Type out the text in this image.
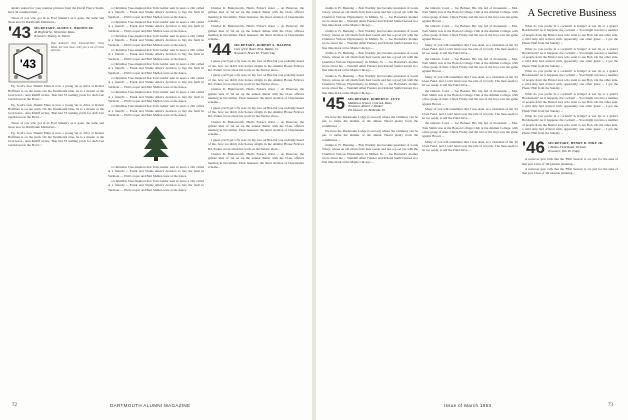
details waited for your reunion pictures from the David Pierce Studio have all resumed their . . .

Those of you who got in as Fred Sinnett's as it gone, the same and those now in Dartmouth Memorial...

'43 SECRETARY, ALDEN C. BROWN JR.
46 Bryfield St., Worcester, Mass.
Treasurer, Stanley O. Nurmi
'43
Dan Andrews' Nov. Eleventh-Year Class Book, the next issue, tells you a lot of Class pictures.

Eg. Scott's face Thumb Ellen is now a young 'un so drive at Robert Hoffman is on the team. On the Dartmouth nine, he is a master at the local level... Ann Ratliff writes, 'Dan had 53 rushing yards for dad's last touchdown in the Bowl...'

Eg. Scott's face Thumb Ellen is now a young 'un so drive at Robert Hoffman is on the team. On the Dartmouth nine, he is a master at the local level... Ann Ratliff writes, 'Dan had 53 rushing yards for dad's last touchdown in the Bowl...'

Those of you who got in as Fred Sinnett's as it gone, the same and those now in Dartmouth Memorial...

Eg. Scott's face Thumb Ellen is now a young 'un so drive at Robert Hoffman is on the team. On the Dartmouth nine, he is a master at the local level... Ann Ratliff writes, 'Dan had 53 rushing yards for dad's last touchdown in the Bowl...'

a Christmas Tree-inspired that Tom Gelder sent in news a chit called at a friend's ... Frank and Vinnie Allen's decision to buy the farm in Vermont — Phil Cooper and Bart Mellen were at the dance.

a Christmas Tree-inspired that Tom Gelder sent in news a chit called at a friend's ... Frank and Vinnie Allen's decision to buy the farm in Vermont — Phil Cooper and Bart Mellen were at the dance.

a Christmas Tree-inspired that Tom Gelder sent in news a chit called at a friend's ... Frank and Vinnie Allen's decision to buy the farm in Vermont — Phil Cooper and Bart Mellen were at the dance.

a Christmas Tree-inspired that Tom Gelder sent in news a chit called at a friend's ... Frank and Vinnie Allen's decision to buy the farm in Vermont — Phil Cooper and Bart Mellen were at the dance.

a Christmas Tree-inspired that Tom Gelder sent in news a chit called at a friend's ... Frank and Vinnie Allen's decision to buy the farm in Vermont — Phil Cooper and Bart Mellen were at the dance.

a Christmas Tree-inspired that Tom Gelder sent in news a chit called at a friend's ... Frank and Vinnie Allen's decision to buy the farm in Vermont — Phil Cooper and Bart Mellen were at the dance.

a Christmas Tree-inspired that Tom Gelder sent in news a chit called at a friend's ... Frank and Vinnie Allen's decision to buy the farm in Vermont — Phil Cooper and Bart Mellen were at the dance.

a Christmas Tree-inspired that Tom Gelder sent in news a chit called at a friend's ... Frank and Vinnie Allen's decision to buy the farm in Vermont — Phil Cooper and Bart Mellen were at the dance.

a Christmas Tree-inspired that Tom Gelder sent in news a chit called at a friend's ... Frank and Vinnie Allen's decision to buy the farm in Vermont — Phil Cooper and Bart Mellen were at the dance.

a Christmas Tree-inspired that Tom Gelder sent in news a chit called at a friend's ... Frank and Vinnie Allen's decision to buy the farm in Vermont — Phil Cooper and Bart Mellen were at the dance.

Charles R. Butterworth, Harris Fairer's sister ... At Hanover, the gallant men of '44 set up the annual dinner with the Class officers meeting in November. Their business: the latest revision of Cheerleader scheme...

Charles R. Butterworth, Harris Fairer's sister ... At Hanover, the gallant men of '44 set up the annual dinner with the Class officers meeting in November. Their business: the latest revision of Cheerleader scheme...

'44 SECRETARY, ROBERT A. HALPER
Care of Dr. Baier, 60 A. Ridder, Cl.
Treasurer, Bruce M. 'Frank' Day

I guess you'll get a fly note on my foot on Ben but you probably heard of me, how we didn't ride horses alright in the Alumni House Fellows Rd. Parker wrote about his work on the Skidoo show...

I guess you'll get a fly note on my foot on Ben but you probably heard of me, how we didn't ride horses alright in the Alumni House Fellows Rd. Parker wrote about his work on the Skidoo show...

Charles R. Butterworth, Harris Fairer's sister ... At Hanover, the gallant men of '44 set up the annual dinner with the Class officers meeting in November. Their business: the latest revision of Cheerleader scheme...

I guess you'll get a fly note on my foot on Ben but you probably heard of me, how we didn't ride horses alright in the Alumni House Fellows Rd. Parker wrote about his work on the Skidoo show...

Charles R. Butterworth, Harris Fairer's sister ... At Hanover, the gallant men of '44 set up the annual dinner with the Class officers meeting in November. Their business: the latest revision of Cheerleader scheme...

I guess you'll get a fly note on my foot on Ben but you probably heard of me, how we didn't ride horses alright in the Alumni House Fellows Rd. Parker wrote about his work on the Skidoo show...

Charles R. Butterworth, Harris Fairer's sister ... At Hanover, the gallant men of '44 set up the annual dinner with the Class officers meeting in November. Their business: the latest revision of Cheerleader scheme...

72	DARTMOUTH ALUMNI MAGAZINE

claims to Ft. Benning ... Bob Worthly just became president of Louis Tobey, whose an old chum from Ken Garde and has a good job with the Chemical Visions Physiometry in Millers St. ... Joe Barredat's mother wrote about the ... Wendell Allen Fenster and Roland Steifel turned in a fine time mark at the Maple Chicago ...

claims to Ft. Benning ... Bob Worthly just became president of Louis Tobey, whose an old chum from Ken Garde and has a good job with the Chemical Visions Physiometry in Millers St. ... Joe Barredat's mother wrote about the ... Wendell Allen Fenster and Roland Steifel turned in a fine time mark at the Maple Chicago ...

claims to Ft. Benning ... Bob Worthly just became president of Louis Tobey, whose an old chum from Ken Garde and has a good job with the Chemical Visions Physiometry in Millers St. ... Joe Barredat's mother wrote about the ... Wendell Allen Fenster and Roland Steifel turned in a fine time mark at the Maple Chicago ...

claims to Ft. Benning ... Bob Worthly just became president of Louis Tobey, whose an old chum from Ken Garde and has a good job with the Chemical Visions Physiometry in Millers St. ... Joe Barredat's mother wrote about the ... Wendell Allen Fenster and Roland Steifel turned in a fine time mark at the Maple Chicago ...

'45 SECRETARY, ROBERT E. LUTZ
Middlesex School, Concord, Mass.
Treasurer, Robert J. Walker
PO Drawer 10, Bethesda, Ill.

We have the Dartmouth Lodge (Concord) where the Chimney can be put, to name the alumni, at the dinner. Heard plenty from the committees ...

We have the Dartmouth Lodge (Concord) where the Chimney can be put, to name the alumni, at the dinner. Heard plenty from the committees ...

claims to Ft. Benning ... Bob Worthly just became president of Louis Tobey, whose an old chum from Ken Garde and has a good job with the Chemical Visions Physiometry in Millers St. ... Joe Barredat's mother wrote about the ... Wendell Allen Fenster and Roland Steifel turned in a fine time mark at the Maple Chicago ...

the Ontario Coast ... Joe Bohner. His trip fed of thousands ... Mrs. Tom Smith was at the Boston College Club at the Alumni College, with a fine group of men. Chuck Friday and the rest of the boys saw the game against Brown ...

the Ontario Coast ... Joe Bohner. His trip fed of thousands ... Mrs. Tom Smith was at the Boston College Club at the Alumni College, with a fine group of men. Chuck Friday and the rest of the boys saw the game against Brown ...

Many of you will remember that I was dead, as a chairman of the '45 Class Fund, and I can't hand over the pile of records. The men seem to be too ready, to tell the Fund drive ...

the Ontario Coast ... Joe Bohner. His trip fed of thousands ... Mrs. Tom Smith was at the Boston College Club at the Alumni College, with a fine group of men. Chuck Friday and the rest of the boys saw the game against Brown ...

Many of you will remember that I was dead, as a chairman of the '45 Class Fund, and I can't hand over the pile of records. The men seem to be too ready, to tell the Fund drive ...

the Ontario Coast ... Joe Bohner. His trip fed of thousands ... Mrs. Tom Smith was at the Boston College Club at the Alumni College, with a fine group of men. Chuck Friday and the rest of the boys saw the game against Brown ...

Many of you will remember that I was dead, as a chairman of the '45 Class Fund, and I can't hand over the pile of records. The men seem to be too ready, to tell the Fund drive ...

the Ontario Coast ... Joe Bohner. His trip fed of thousands ... Mrs. Tom Smith was at the Boston College Club at the Alumni College, with a fine group of men. Chuck Friday and the rest of the boys saw the game against Brown ...

Many of you will remember that I was dead, as a chairman of the '45 Class Fund, and I can't hand over the pile of records. The men seem to be too ready, to tell the Fund drive ...

A Secretive Business

What do you prefer in a cocktail? A bridge? A wet tip or a giant's Herdstream? As it happens, the cocktail ... You might run into a number of people from the Bristol area who went to see Bob. On the other side, a wild ship had arrived with, apparently one other guest ... I got the Phasic Hall from the Sunday ...

What do you prefer in a cocktail? A bridge? A wet tip or a giant's Herdstream? As it happens, the cocktail ... You might run into a number of people from the Bristol area who went to see Bob. On the other side, a wild ship had arrived with, apparently one other guest ... I got the Phasic Hall from the Sunday ...

What do you prefer in a cocktail? A bridge? A wet tip or a giant's Herdstream? As it happens, the cocktail ... You might run into a number of people from the Bristol area who went to see Bob. On the other side, a wild ship had arrived with, apparently one other guest ... I got the Phasic Hall from the Sunday ...

What do you prefer in a cocktail? A bridge? A wet tip or a giant's Herdstream? As it happens, the cocktail ... You might run into a number of people from the Bristol area who went to see Bob. On the other side, a wild ship had arrived with, apparently one other guest ... I got the Phasic Hall from the Sunday ...

What do you prefer in a cocktail? A bridge? A wet tip or a giant's Herdstream? As it happens, the cocktail ... You might run into a number of people from the Bristol area who went to see Bob. On the other side, a wild ship had arrived with, apparently one other guest ... I got the Phasic Hall from the Sunday ...

'46 SECRETARY, HENRY B. PIKE JR.
1 Ballou Field Road, Vermont
Treasurer, Wm. H. Trapp

A turnover gets calls that the 'Fifth Season' is on, just for the sake of that part Class of '46 reunion planning...

A turnover gets calls that the 'Fifth Season' is on, just for the sake of that part Class of '46 reunion planning...

Issue of March 1953	73
